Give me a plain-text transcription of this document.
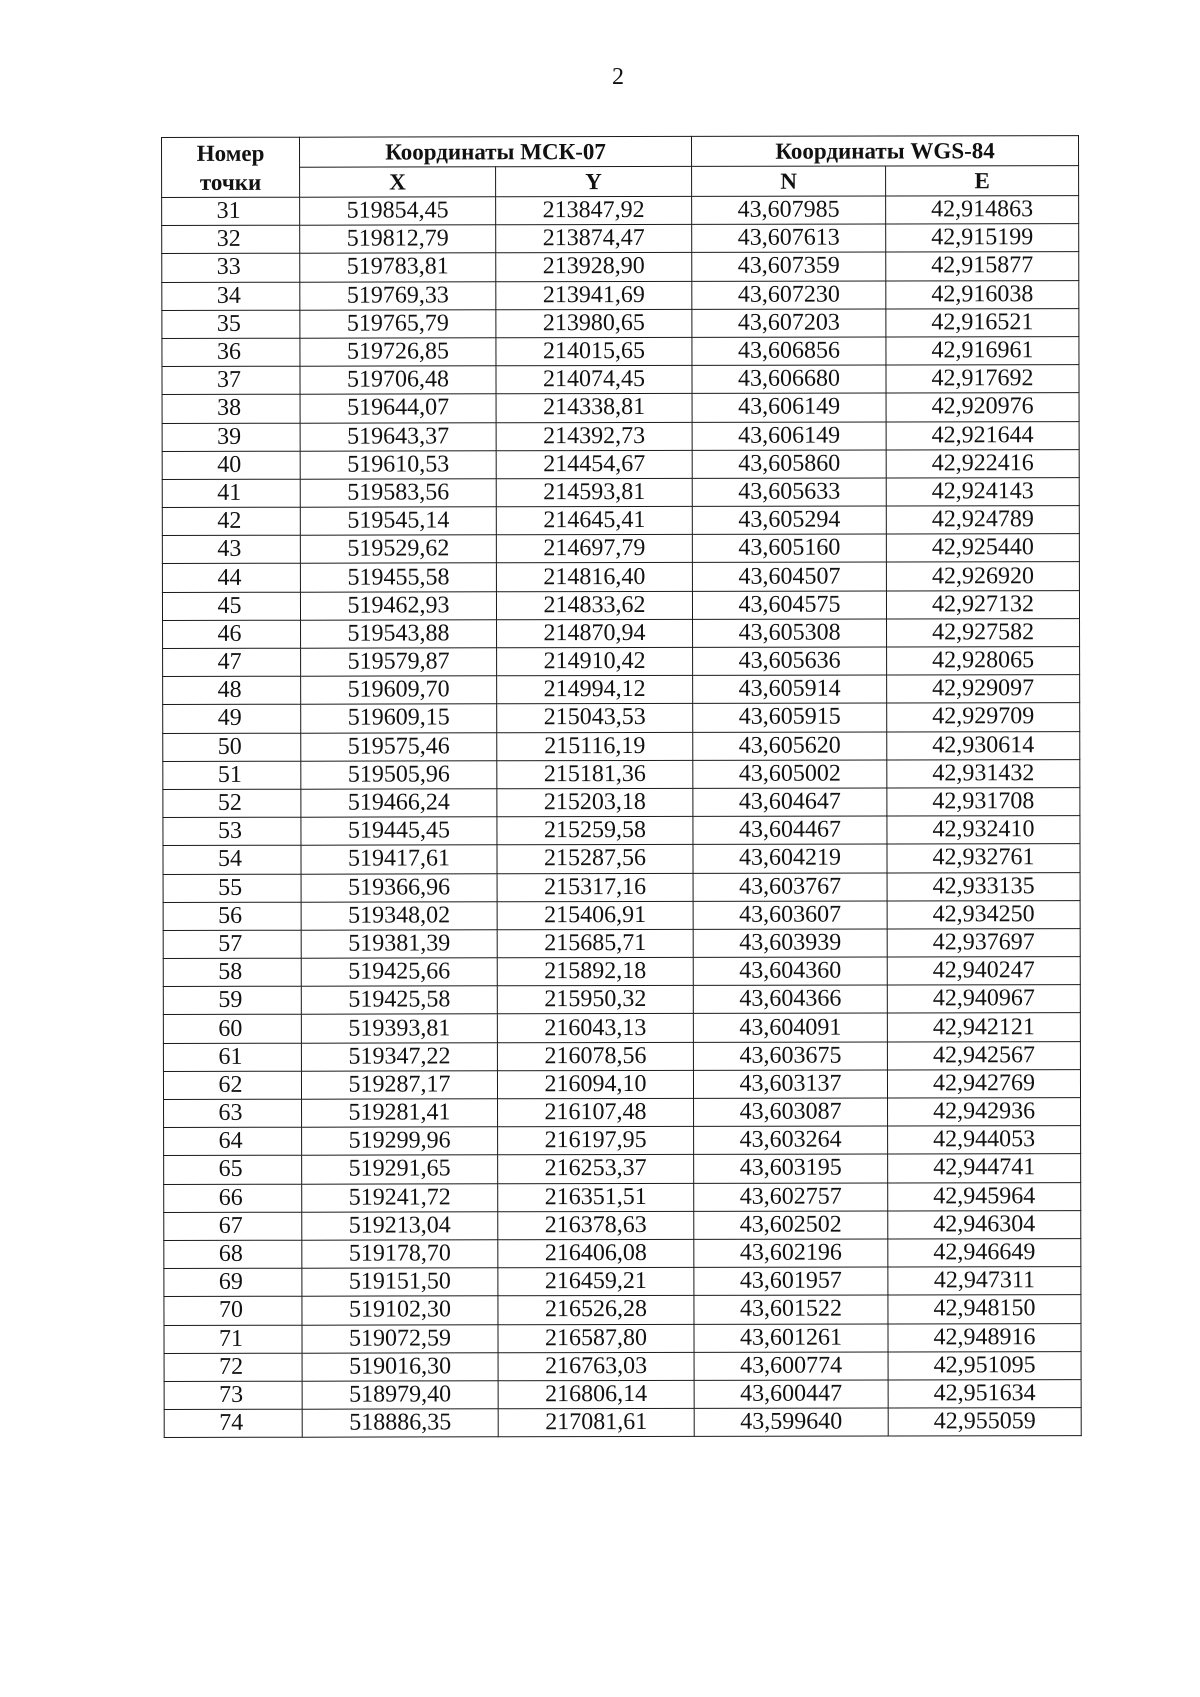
2
Номер
точки	Координаты МСК-07		Координаты WGS-84	
	X	Y	N	E
31	519854,45	213847,92	43,607985	42,914863
32	519812,79	213874,47	43,607613	42,915199
33	519783,81	213928,90	43,607359	42,915877
34	519769,33	213941,69	43,607230	42,916038
35	519765,79	213980,65	43,607203	42,916521
36	519726,85	214015,65	43,606856	42,916961
37	519706,48	214074,45	43,606680	42,917692
38	519644,07	214338,81	43,606149	42,920976
39	519643,37	214392,73	43,606149	42,921644
40	519610,53	214454,67	43,605860	42,922416
41	519583,56	214593,81	43,605633	42,924143
42	519545,14	214645,41	43,605294	42,924789
43	519529,62	214697,79	43,605160	42,925440
44	519455,58	214816,40	43,604507	42,926920
45	519462,93	214833,62	43,604575	42,927132
46	519543,88	214870,94	43,605308	42,927582
47	519579,87	214910,42	43,605636	42,928065
48	519609,70	214994,12	43,605914	42,929097
49	519609,15	215043,53	43,605915	42,929709
50	519575,46	215116,19	43,605620	42,930614
51	519505,96	215181,36	43,605002	42,931432
52	519466,24	215203,18	43,604647	42,931708
53	519445,45	215259,58	43,604467	42,932410
54	519417,61	215287,56	43,604219	42,932761
55	519366,96	215317,16	43,603767	42,933135
56	519348,02	215406,91	43,603607	42,934250
57	519381,39	215685,71	43,603939	42,937697
58	519425,66	215892,18	43,604360	42,940247
59	519425,58	215950,32	43,604366	42,940967
60	519393,81	216043,13	43,604091	42,942121
61	519347,22	216078,56	43,603675	42,942567
62	519287,17	216094,10	43,603137	42,942769
63	519281,41	216107,48	43,603087	42,942936
64	519299,96	216197,95	43,603264	42,944053
65	519291,65	216253,37	43,603195	42,944741
66	519241,72	216351,51	43,602757	42,945964
67	519213,04	216378,63	43,602502	42,946304
68	519178,70	216406,08	43,602196	42,946649
69	519151,50	216459,21	43,601957	42,947311
70	519102,30	216526,28	43,601522	42,948150
71	519072,59	216587,80	43,601261	42,948916
72	519016,30	216763,03	43,600774	42,951095
73	518979,40	216806,14	43,600447	42,951634
74	518886,35	217081,61	43,599640	42,955059
